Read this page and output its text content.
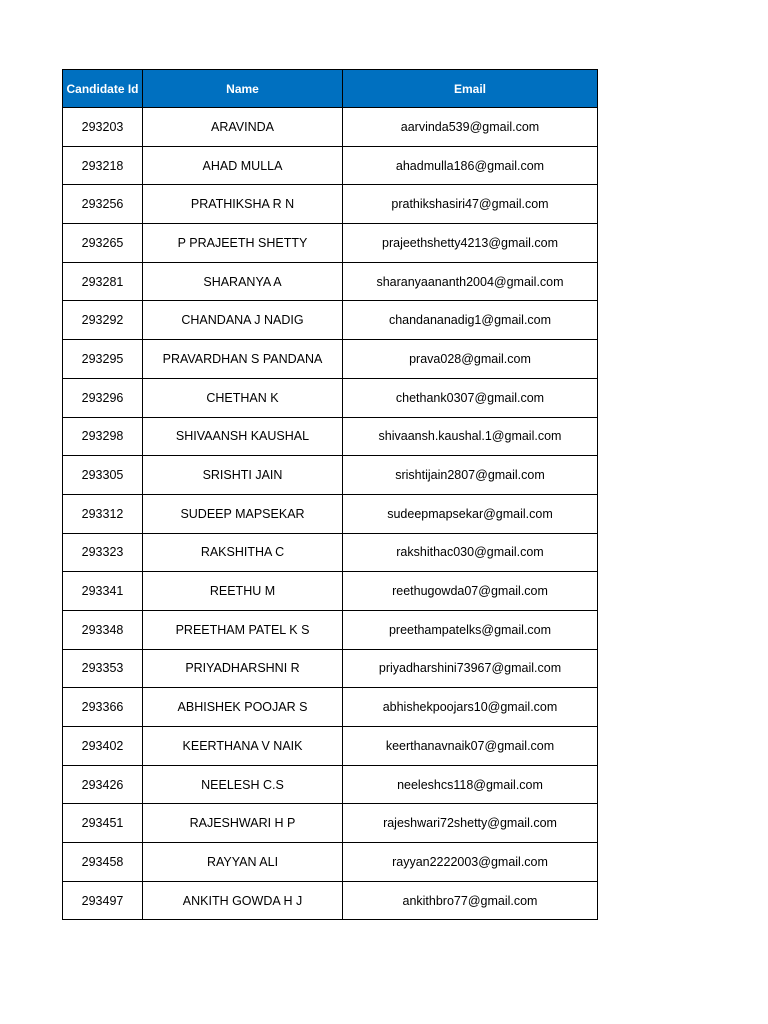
Candidate Id	Name	Email
293203	ARAVINDA	aarvinda539@gmail.com
293218	AHAD MULLA	ahadmulla186@gmail.com
293256	PRATHIKSHA R N	prathikshasiri47@gmail.com
293265	P PRAJEETH SHETTY	prajeethshetty4213@gmail.com
293281	SHARANYA A	sharanyaananth2004@gmail.com
293292	CHANDANA J NADIG	chandananadig1@gmail.com
293295	PRAVARDHAN S PANDANA	prava028@gmail.com
293296	CHETHAN K	chethank0307@gmail.com
293298	SHIVAANSH KAUSHAL	shivaansh.kaushal.1@gmail.com
293305	SRISHTI JAIN	srishtijain2807@gmail.com
293312	SUDEEP MAPSEKAR	sudeepmapsekar@gmail.com
293323	RAKSHITHA C	rakshithac030@gmail.com
293341	REETHU M	reethugowda07@gmail.com
293348	PREETHAM PATEL K S	preethampatelks@gmail.com
293353	PRIYADHARSHNI R	priyadharshini73967@gmail.com
293366	ABHISHEK POOJAR S	abhishekpoojars10@gmail.com
293402	KEERTHANA V NAIK	keerthanavnaik07@gmail.com
293426	NEELESH C.S	neeleshcs118@gmail.com
293451	RAJESHWARI H P	rajeshwari72shetty@gmail.com
293458	RAYYAN ALI	rayyan2222003@gmail.com
293497	ANKITH GOWDA H J	ankithbro77@gmail.com
